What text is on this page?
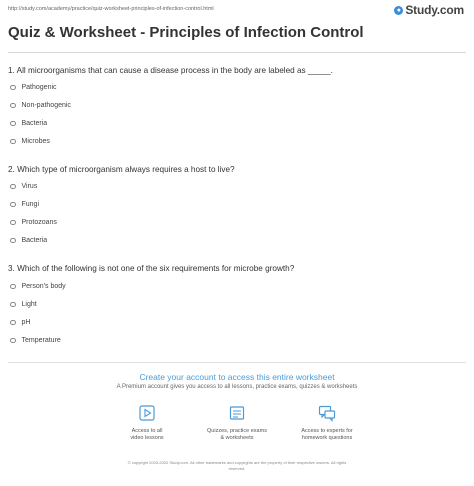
http://study.com/academy/practice/quiz-worksheet-principles-of-infection-control.html	● Study.com
Quiz & Worksheet - Principles of Infection Control
1. All microorganisms that can cause a disease process in the body are labeled as _____.
Pathogenic
Non-pathogenic
Bacteria
Microbes
2. Which type of microorganism always requires a host to live?
Virus
Fungi
Protozoans
Bacteria
3. Which of the following is not one of the six requirements for microbe growth?
Person's body
Light
pH
Temperature
Create your account to access this entire worksheet
A Premium account gives you access to all lessons, practice exams, quizzes & worksheets
Access to all
video lessons
Quizzes, practice exams
& worksheets
Access to experts for
homework questions
© copyright 2003-2020 Study.com. All other trademarks and copyrights are the property of their respective owners. All rights
reserved.
